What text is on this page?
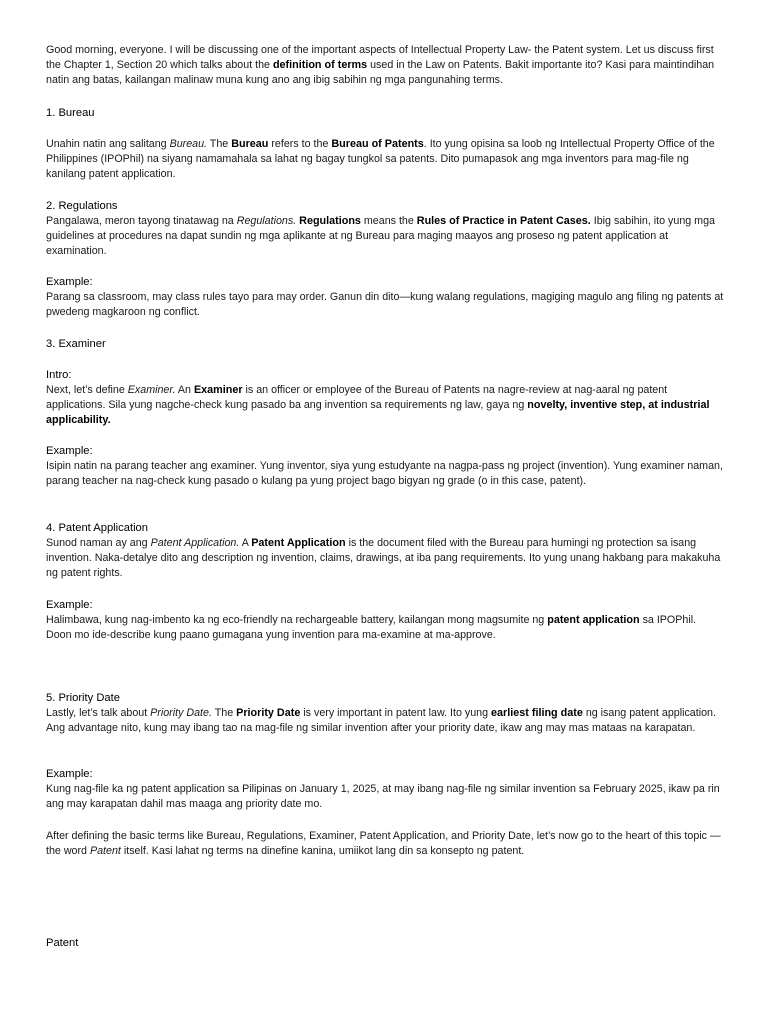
Good morning, everyone. I will be discussing one of the important aspects of Intellectual Property Law- the Patent system. Let us discuss first the Chapter 1, Section 20 which talks about the definition of terms used in the Law on Patents. Bakit importante ito? Kasi para maintindihan natin ang batas, kailangan malinaw muna kung ano ang ibig sabihin ng mga pangunahing terms.

1. Bureau

Unahin natin ang salitang Bureau. The Bureau refers to the Bureau of Patents. Ito yung opisina sa loob ng Intellectual Property Office of the Philippines (IPOPhil) na siyang namamahala sa lahat ng bagay tungkol sa patents. Dito pumapasok ang mga inventors para mag-file ng kanilang patent application.

2. Regulations

Pangalawa, meron tayong tinatawag na Regulations. Regulations means the Rules of Practice in Patent Cases. Ibig sabihin, ito yung mga guidelines at procedures na dapat sundin ng mga aplikante at ng Bureau para maging maayos ang proseso ng patent application at examination.

Example:

Parang sa classroom, may class rules tayo para may order. Ganun din dito—kung walang regulations, magiging magulo ang filing ng patents at pwedeng magkaroon ng conflict.

3. Examiner

Intro:

Next, let’s define Examiner. An Examiner is an officer or employee of the Bureau of Patents na nagre-review at nag-aaral ng patent applications. Sila yung nagche-check kung pasado ba ang invention sa requirements ng law, gaya ng novelty, inventive step, at industrial applicability.

Example:

Isipin natin na parang teacher ang examiner. Yung inventor, siya yung estudyante na nagpa-pass ng project (invention). Yung examiner naman, parang teacher na nag-check kung pasado o kulang pa yung project bago bigyan ng grade (o in this case, patent).

4. Patent Application

Sunod naman ay ang Patent Application. A Patent Application is the document filed with the Bureau para humingi ng protection sa isang invention. Naka-detalye dito ang description ng invention, claims, drawings, at iba pang requirements. Ito yung unang hakbang para makakuha ng patent rights.

Example:

Halimbawa, kung nag-imbento ka ng eco-friendly na rechargeable battery, kailangan mong magsumite ng patent application sa IPOPhil. Doon mo ide-describe kung paano gumagana yung invention para ma-examine at ma-approve.

5. Priority Date

Lastly, let’s talk about Priority Date. The Priority Date is very important in patent law. Ito yung earliest filing date ng isang patent application. Ang advantage nito, kung may ibang tao na mag-file ng similar invention after your priority date, ikaw ang may mas mataas na karapatan.

Example:

Kung nag-file ka ng patent application sa Pilipinas on January 1, 2025, at may ibang nag-file ng similar invention sa February 2025, ikaw pa rin ang may karapatan dahil mas maaga ang priority date mo.

After defining the basic terms like Bureau, Regulations, Examiner, Patent Application, and Priority Date, let’s now go to the heart of this topic — the word Patent itself. Kasi lahat ng terms na dinefine kanina, umiikot lang din sa konsepto ng patent.

Patent
